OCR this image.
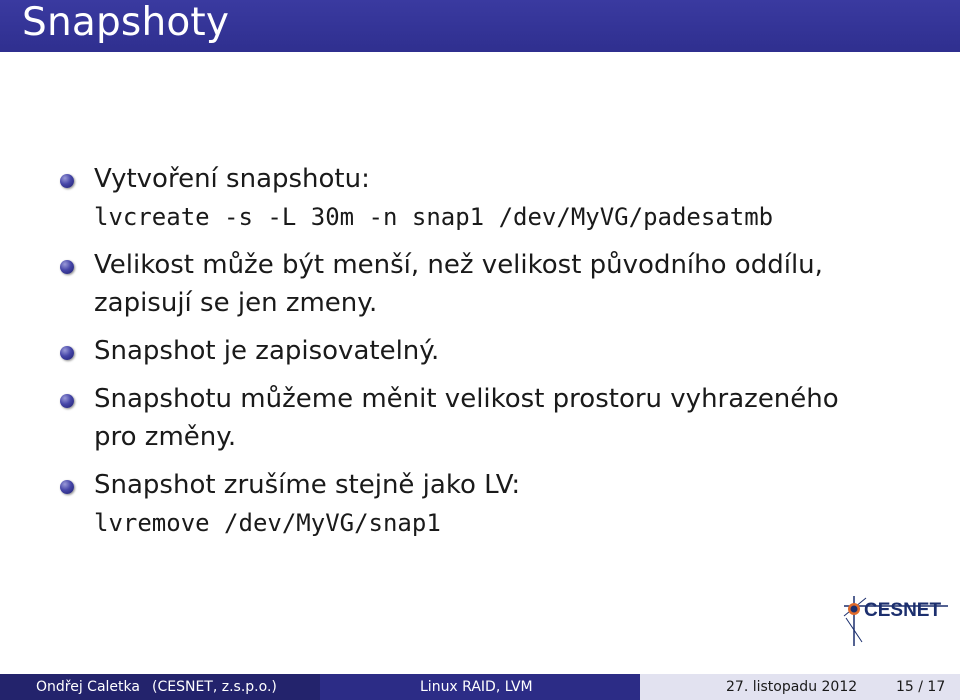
Snapshoty
Vytvoření snapshotu:
lvcreate -s -L 30m -n snap1 /dev/MyVG/padesatmb
Velikost může být menší, než velikost původního oddílu,
zapisují se jen zmeny.
Snapshot je zapisovatelný.
Snapshotu můžeme měnit velikost prostoru vyhrazeného
pro změny.
Snapshot zrušíme stejně jako LV:
lvremove /dev/MyVG/snap1
CESNET
Ondřej Caletka (CESNET, z.s.p.o.)	Linux RAID, LVM	27. listopadu 2012	15 / 17
